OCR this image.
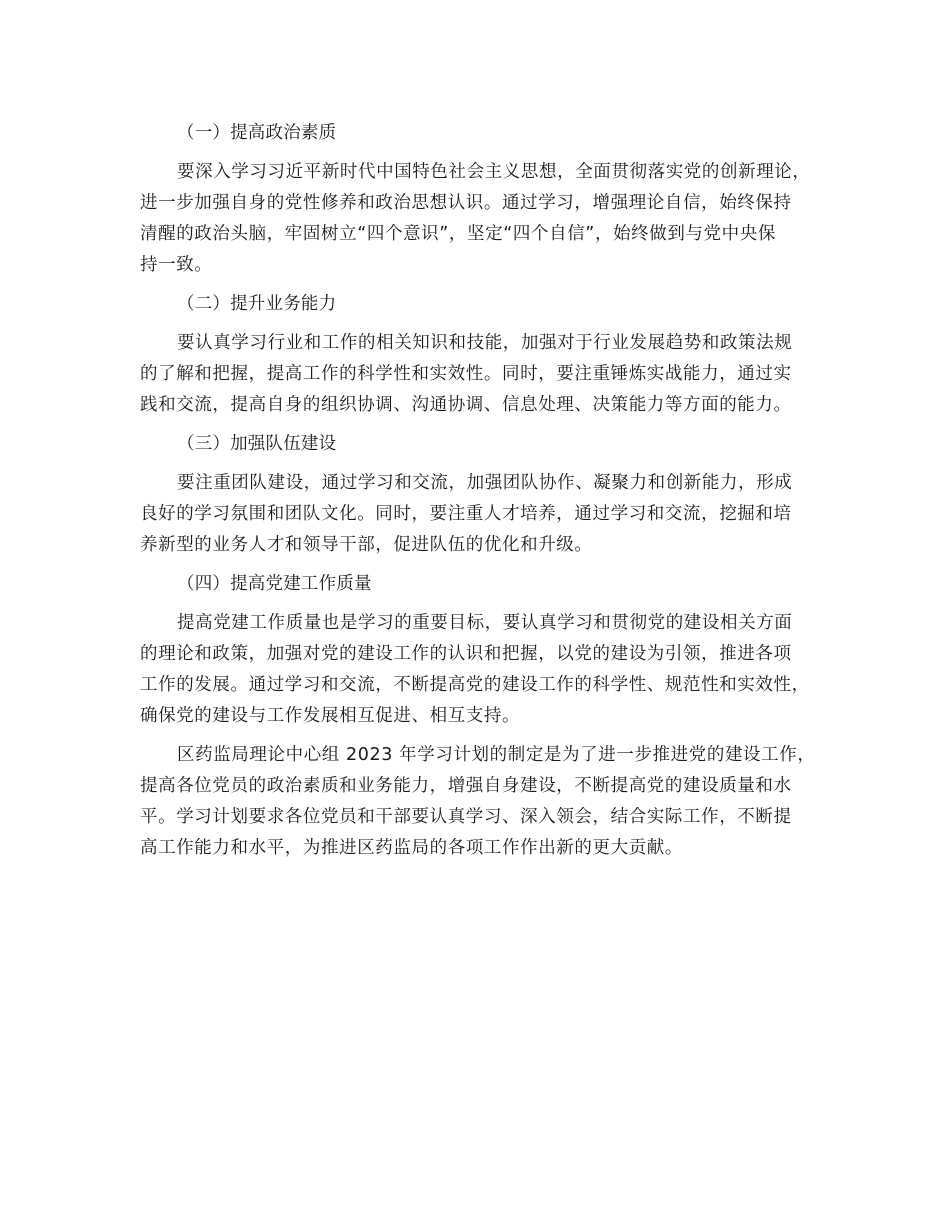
（一）提高政治素质
要深入学习习近平新时代中国特色社会主义思想，全面贯彻落实党的创新理论，
进一步加强自身的党性修养和政治思想认识。通过学习，增强理论自信，始终保持
清醒的政治头脑，牢固树立“四个意识”，坚定“四个自信”，始终做到与党中央保
持一致。
（二）提升业务能力
要认真学习行业和工作的相关知识和技能，加强对于行业发展趋势和政策法规
的了解和把握，提高工作的科学性和实效性。同时，要注重锤炼实战能力，通过实
践和交流，提高自身的组织协调、沟通协调、信息处理、决策能力等方面的能力。
（三）加强队伍建设
要注重团队建设，通过学习和交流，加强团队协作、凝聚力和创新能力，形成
良好的学习氛围和团队文化。同时，要注重人才培养，通过学习和交流，挖掘和培
养新型的业务人才和领导干部，促进队伍的优化和升级。
（四）提高党建工作质量
提高党建工作质量也是学习的重要目标，要认真学习和贯彻党的建设相关方面
的理论和政策，加强对党的建设工作的认识和把握，以党的建设为引领，推进各项
工作的发展。通过学习和交流，不断提高党的建设工作的科学性、规范性和实效性，
确保党的建设与工作发展相互促进、相互支持。
区药监局理论中心组 2023 年学习计划的制定是为了进一步推进党的建设工作，
提高各位党员的政治素质和业务能力，增强自身建设，不断提高党的建设质量和水
平。学习计划要求各位党员和干部要认真学习、深入领会，结合实际工作，不断提
高工作能力和水平，为推进区药监局的各项工作作出新的更大贡献。
